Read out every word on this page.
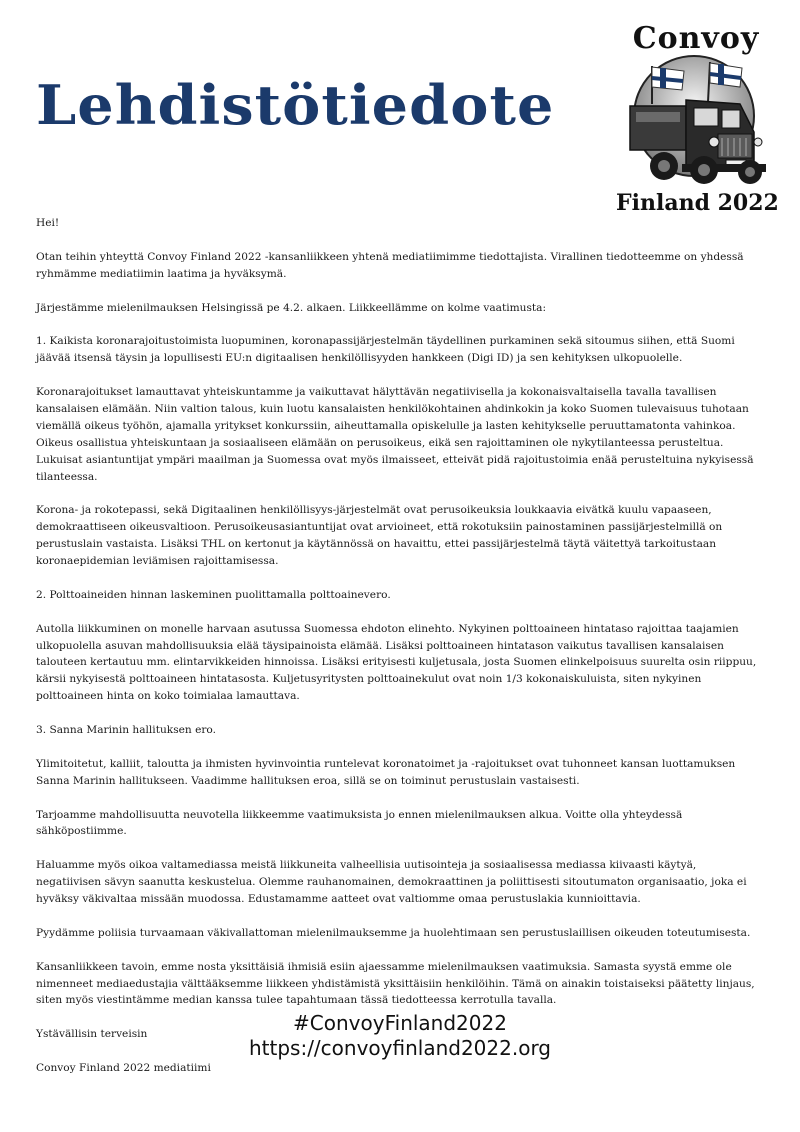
Lehdistötiedote
Convoy
Finland 2022

Hei!

Otan teihin yhteyttä Convoy Finland 2022 -kansanliikkeen yhtenä mediatiimimme tiedottajista. Virallinen tiedotteemme on yhdessä ryhmämme mediatiimin laatima ja hyväksymä.

Järjestämme mielenilmauksen Helsingissä pe 4.2. alkaen. Liikkeellämme on kolme vaatimusta:

1. Kaikista koronarajoitustoimista luopuminen, koronapassijärjestelmän täydellinen purkaminen sekä sitoumus siihen, että Suomi jäävää itsensä täysin ja lopullisesti EU:n digitaalisen henkilöllisyyden hankkeen (Digi ID) ja sen kehityksen ulkopuolelle.

Koronarajoitukset lamauttavat yhteiskuntamme ja vaikuttavat hälyttävän negatiivisella ja kokonaisvaltaisella tavalla tavallisen kansalaisen elämään. Niin valtion talous, kuin luotu kansalaisten henkilökohtainen ahdinkokin ja koko Suomen tulevaisuus tuhotaan viemällä oikeus työhön, ajamalla yritykset konkurssiin, aiheuttamalla opiskelulle ja lasten kehitykselle peruuttamatonta vahinkoa. Oikeus osallistua yhteiskuntaan ja sosiaaliseen elämään on perusoikeus, eikä sen rajoittaminen ole nykytilanteessa perusteltua. Lukuisat asiantuntijat ympäri maailman ja Suomessa ovat myös ilmaisseet, etteivät pidä rajoitustoimia enää perusteltuina nykyisessä tilanteessa.

Korona- ja rokotepassi, sekä Digitaalinen henkilöllisyys-järjestelmät ovat perusoikeuksia loukkaavia eivätkä kuulu vapaaseen, demokraattiseen oikeusvaltioon. Perusoikeusasiantuntijat ovat arvioineet, että rokotuksiin painostaminen passijärjestelmillä on perustuslain vastaista. Lisäksi THL on kertonut ja käytännössä on havaittu, ettei passijärjestelmä täytä väitettyä tarkoitustaan koronaepidemian leviämisen rajoittamisessa.

2. Polttoaineiden hinnan laskeminen puolittamalla polttoainevero.

Autolla liikkuminen on monelle harvaan asutussa Suomessa ehdoton elinehto. Nykyinen polttoaineen hintataso rajoittaa taajamien ulkopuolella asuvan mahdollisuuksia elää täysipainoista elämää. Lisäksi polttoaineen hintatason vaikutus tavallisen kansalaisen talouteen kertautuu mm. elintarvikkeiden hinnoissa. Lisäksi erityisesti kuljetusala, josta Suomen elinkelpoisuus suurelta osin riippuu, kärsii nykyisestä polttoaineen hintatasosta. Kuljetusyritysten polttoainekulut ovat noin 1/3 kokonaiskuluista, siten nykyinen polttoaineen hinta on koko toimialaa lamauttava.

3. Sanna Marinin hallituksen ero.

Ylimitoitetut, kalliit, taloutta ja ihmisten hyvinvointia runtelevat koronatoimet ja -rajoitukset ovat tuhonneet kansan luottamuksen Sanna Marinin hallitukseen. Vaadimme hallituksen eroa, sillä se on toiminut perustuslain vastaisesti.

Tarjoamme mahdollisuutta neuvotella liikkeemme vaatimuksista jo ennen mielenilmauksen alkua. Voitte olla yhteydessä sähköpostiimme.

Haluamme myös oikoa valtamediassa meistä liikkuneita valheellisia uutisointeja ja sosiaalisessa mediassa kiivaasti käytyä, negatiivisen sävyn saanutta keskustelua. Olemme rauhanomainen, demokraattinen ja poliittisesti sitoutumaton organisaatio, joka ei hyväksy väkivaltaa missään muodossa. Edustamamme aatteet ovat valtiomme omaa perustuslakia kunnioittavia.

Pyydämme poliisia turvaamaan väkivallattoman mielenilmauksemme ja huolehtimaan sen perustuslaillisen oikeuden toteutumisesta.

Kansanliikkeen tavoin, emme nosta yksittäisiä ihmisiä esiin ajaessamme mielenilmauksen vaatimuksia. Samasta syystä emme ole nimenneet mediaedustajia välttääksemme liikkeen yhdistämistä yksittäisiin henkilöihin. Tämä on ainakin toistaiseksi päätetty linjaus, siten myös viestintämme median kanssa tulee tapahtumaan tässä tiedotteessa kerrotulla tavalla.

Ystävällisin terveisin

Convoy Finland 2022 mediatiimi

#ConvoyFinland2022
https://convoyfinland2022.org
